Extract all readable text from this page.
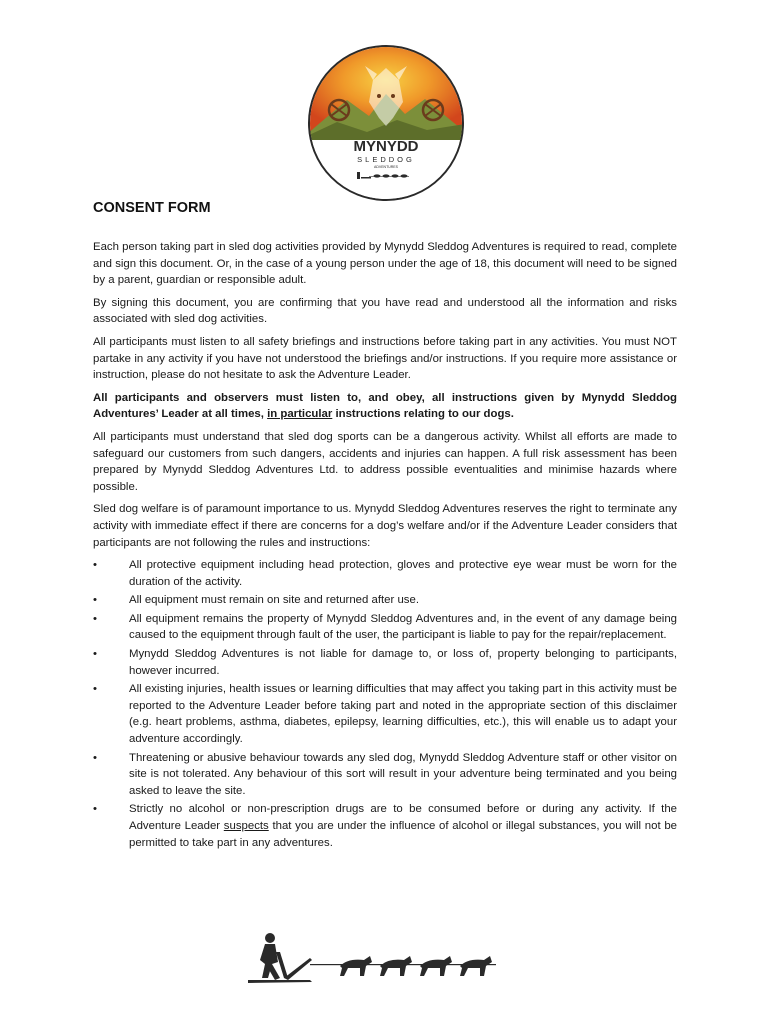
MYNYDD
SLEDDOG
ADVENTURES
CONSENT FORM

Each person taking part in sled dog activities provided by Mynydd Sleddog Adventures is required to read, complete and sign this document. Or, in the case of a young person under the age of 18, this document will need to be signed by a parent, guardian or responsible adult.

By signing this document, you are confirming that you have read and understood all the information and risks associated with sled dog activities.

All participants must listen to all safety briefings and instructions before taking part in any activities. You must NOT partake in any activity if you have not understood the briefings and/or instructions. If you require more assistance or instruction, please do not hesitate to ask the Adventure Leader.

All participants and observers must listen to, and obey, all instructions given by Mynydd Sleddog Adventures’ Leader at all times, in particular instructions relating to our dogs.

All participants must understand that sled dog sports can be a dangerous activity. Whilst all efforts are made to safeguard our customers from such dangers, accidents and injuries can happen. A full risk assessment has been prepared by Mynydd Sleddog Adventures Ltd. to address possible eventualities and minimise hazards where possible.

Sled dog welfare is of paramount importance to us. Mynydd Sleddog Adventures reserves the right to terminate any activity with immediate effect if there are concerns for a dog’s welfare and/or if the Adventure Leader considers that participants are not following the rules and instructions:

•	All protective equipment including head protection, gloves and protective eye wear must be worn for the duration of the activity.
•	All equipment must remain on site and returned after use.
•	All equipment remains the property of Mynydd Sleddog Adventures and, in the event of any damage being caused to the equipment through fault of the user, the participant is liable to pay for the repair/replacement.
•	Mynydd Sleddog Adventures is not liable for damage to, or loss of, property belonging to participants, however incurred.
•	All existing injuries, health issues or learning difficulties that may affect you taking part in this activity must be reported to the Adventure Leader before taking part and noted in the appropriate section of this disclaimer (e.g. heart problems, asthma, diabetes, epilepsy, learning difficulties, etc.), this will enable us to adapt your adventure accordingly.
•	Threatening or abusive behaviour towards any sled dog, Mynydd Sleddog Adventure staff or other visitor on site is not tolerated. Any behaviour of this sort will result in your adventure being terminated and you being asked to leave the site.
•	Strictly no alcohol or non-prescription drugs are to be consumed before or during any activity. If the Adventure Leader suspects that you are under the influence of alcohol or illegal substances, you will not be permitted to take part in any adventures.
